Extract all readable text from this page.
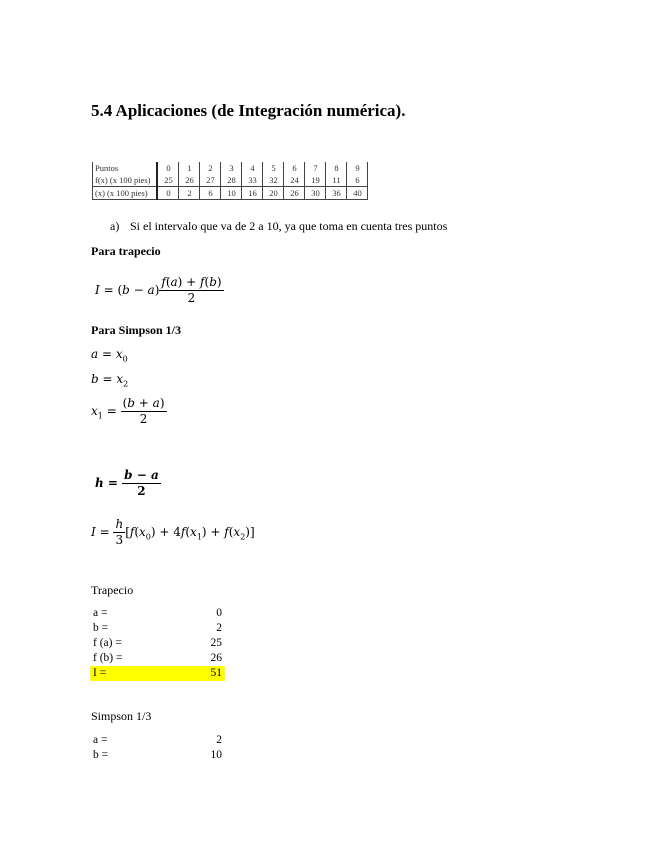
5.4 Aplicaciones (de Integración numérica).
Puntos	0	1	2	3	4	5	6	7	8	9
f(x) (x 100 pies)	25	26	27	28	33	32	24	19	11	6
(x) (x 100 pies)	0	2	6	10	16	20	26	30	36	40
a) Si el intervalo que va de 2 a 10, ya que toma en cuenta tres puntos
Para trapecio
$I = (b - a) \frac{f(a) + f(b)}{2}$
Para Simpson 1/3
$a = x_0$
$b = x_2$
$x_1 = \frac{(b + a)}{2}$
$h = \frac{b - a}{2}$
$I = \frac{h}{3} [f(x_0) + 4f(x_1) + f(x_2)]$
Trapecio
a =	0
b =	2
f (a) =	25
f (b) =	26
I =	51
Simpson 1/3
a =	2
b =	10
